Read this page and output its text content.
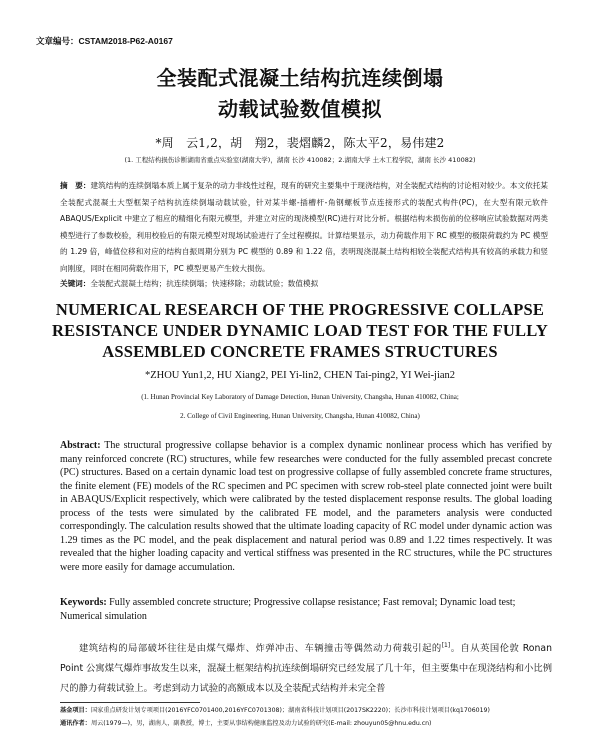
文章编号：CSTAM2018-P62-A0167
全装配式混凝土结构抗连续倒塌
动载试验数值模拟
*周　云1,2，胡　翔2，裴熠麟2，陈太平2，易伟建2
(1. 工程结构损伤诊断湖南省重点实验室(湖南大学)，湖南 长沙 410082；2.湖南大学 土木工程学院，湖南 长沙 410082)
摘　要：建筑结构的连续倒塌本质上属于复杂的动力非线性过程，现有的研究主要集中于现浇结构，对全装配式结构的讨论相对较少。本文依托某全装配式混凝土大型框架子结构抗连续倒塌动载试验，针对某半螺-插槽杆-角钢螺板节点连接形式的装配式构件(PC)，在大型有限元软件 ABAQUS/Explicit 中建立了相应的精细化有限元模型，并建立对应的现浇模型(RC)进行对比分析。根据结构未损伤前的位移响应试验数据对两类模型进行了参数校验，利用校验后的有限元模型对现场试验进行了全过程模拟。计算结果显示，动力荷载作用下 RC 模型的极限荷载约为 PC 模型的 1.29 倍，峰值位移和对应的结构自振周期分别为 PC 模型的 0.89 和 1.22 倍，表明现浇混凝土结构相较全装配式结构具有较高的承载力和竖向刚度，同时在相同荷载作用下，PC 模型更易产生较大损伤。
关键词：全装配式混凝土结构；抗连续倒塌；快速移除；动载试验；数值模拟
NUMERICAL RESEARCH OF THE PROGRESSIVE COLLAPSE
RESISTANCE UNDER DYNAMIC LOAD TEST FOR THE FULLY
ASSEMBLED CONCRETE FRAMES STRUCTURES
*ZHOU Yun1,2, HU Xiang2, PEI Yi-lin2, CHEN Tai-ping2, YI Wei-jian2
(1. Hunan Provincial Key Laboratory of Damage Detection, Hunan University, Changsha, Hunan 410082, China;
2. College of Civil Engineering, Hunan University, Changsha, Hunan 410082, China)
Abstract: The structural progressive collapse behavior is a complex dynamic nonlinear process which has verified by many reinforced concrete (RC) structures, while few researches were conducted for the fully assembled precast concrete (PC) structures. Based on a certain dynamic load test on progressive collapse of fully assembled concrete frame structures, the finite element (FE) models of the RC specimen and PC specimen with screw rob-steel plate connected joint were built in ABAQUS/Explicit respectively, which were calibrated by the tested displacement response results. The global loading process of the tests were simulated by the calibrated FE model, and the parameters analysis were conducted correspondingly. The calculation results showed that the ultimate loading capacity of RC model under dynamic action was 1.29 times as the PC model, and the peak displacement and natural period was 0.89 and 1.22 times respectively. It was revealed that the higher loading capacity and vertical stiffness was presented in the RC structures, while the PC structures were more easily for damage accumulation.
Keywords: Fully assembled concrete structure; Progressive collapse resistance; Fast removal; Dynamic load test; Numerical simulation
建筑结构的局部破坏往往是由煤气爆炸、炸弹冲击、车辆撞击等偶然动力荷载引起的[1]。自从英国伦敦 Ronan Point 公寓煤气爆炸事故发生以来，混凝土框架结构抗连续倒塌研究已经发展了几十年，但主要集中在现浇结构和小比例尺的静力荷载试验上。考虑到动力试验的高额成本以及全装配式结构并未完全普
基金项目：国家重点研发计划专项项目(2016YFC0701400,2016YFC0701308)；湖南省科技计划项目(2017SK2220)；长沙市科技计划项目(kq1706019)
通讯作者：周云(1979—)，男，湖南人，副教授，博士，主要从事结构健康监控及动力试验的研究(E-mail: zhouyun05@hnu.edu.cn)
